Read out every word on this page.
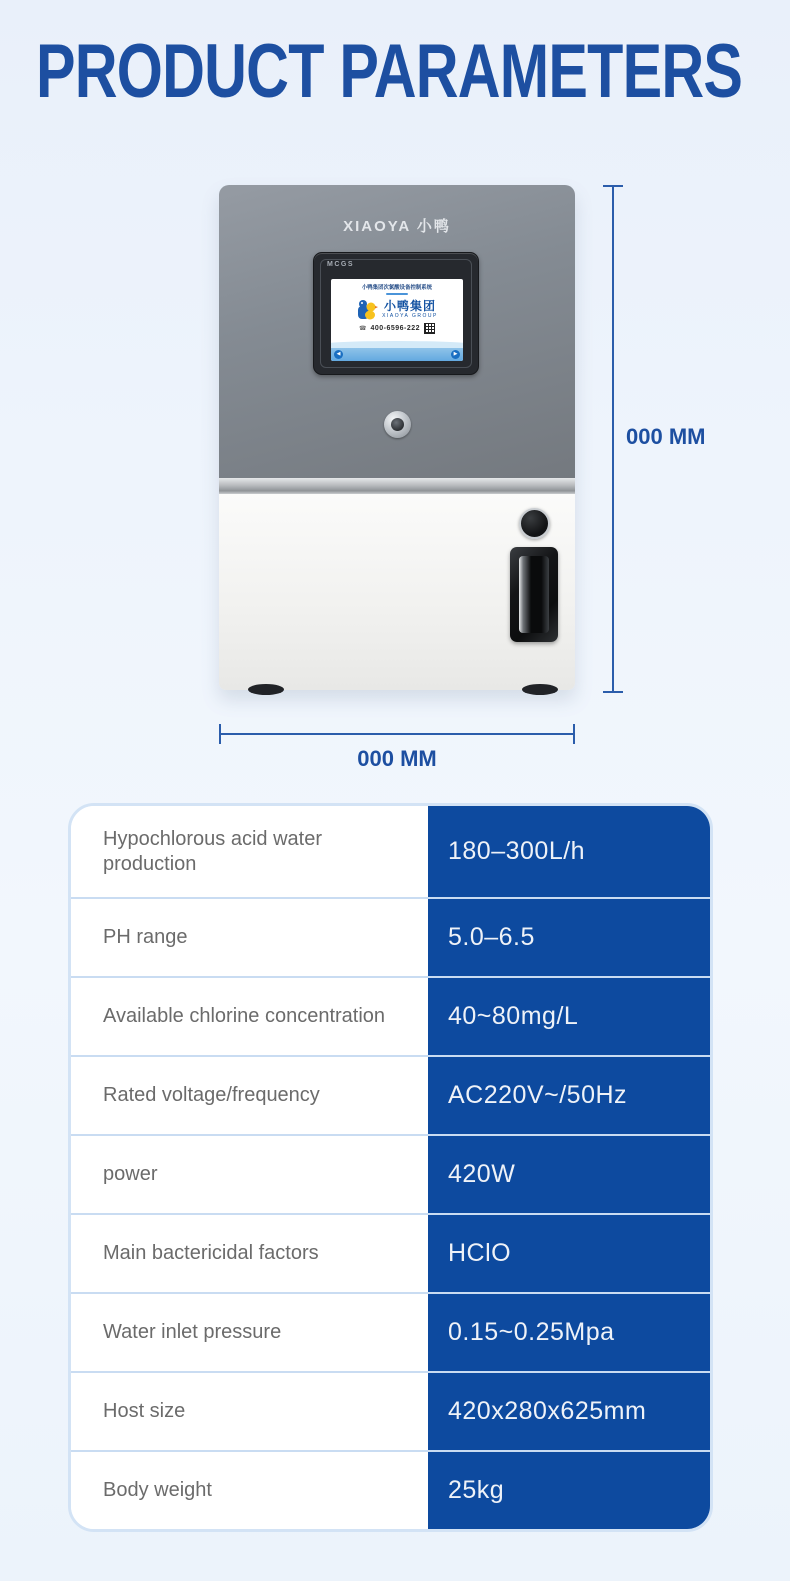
PRODUCT PARAMETERS
XIAOYA 小鸭
MCGS
小鸭集团次氯酸设备控制系统
小鸭集团
XIAOYA GROUP
☎ 400-6596-222
◀	▶
000 MM
000 MM
Hypochlorous acid water production	180–300L/h
PH range	5.0–6.5
Available chlorine concentration	40~80mg/L
Rated voltage/frequency	AC220V~/50Hz
power	420W
Main bactericidal factors	HClO
Water inlet pressure	0.15~0.25Mpa
Host size	420x280x625mm
Body weight	25kg
